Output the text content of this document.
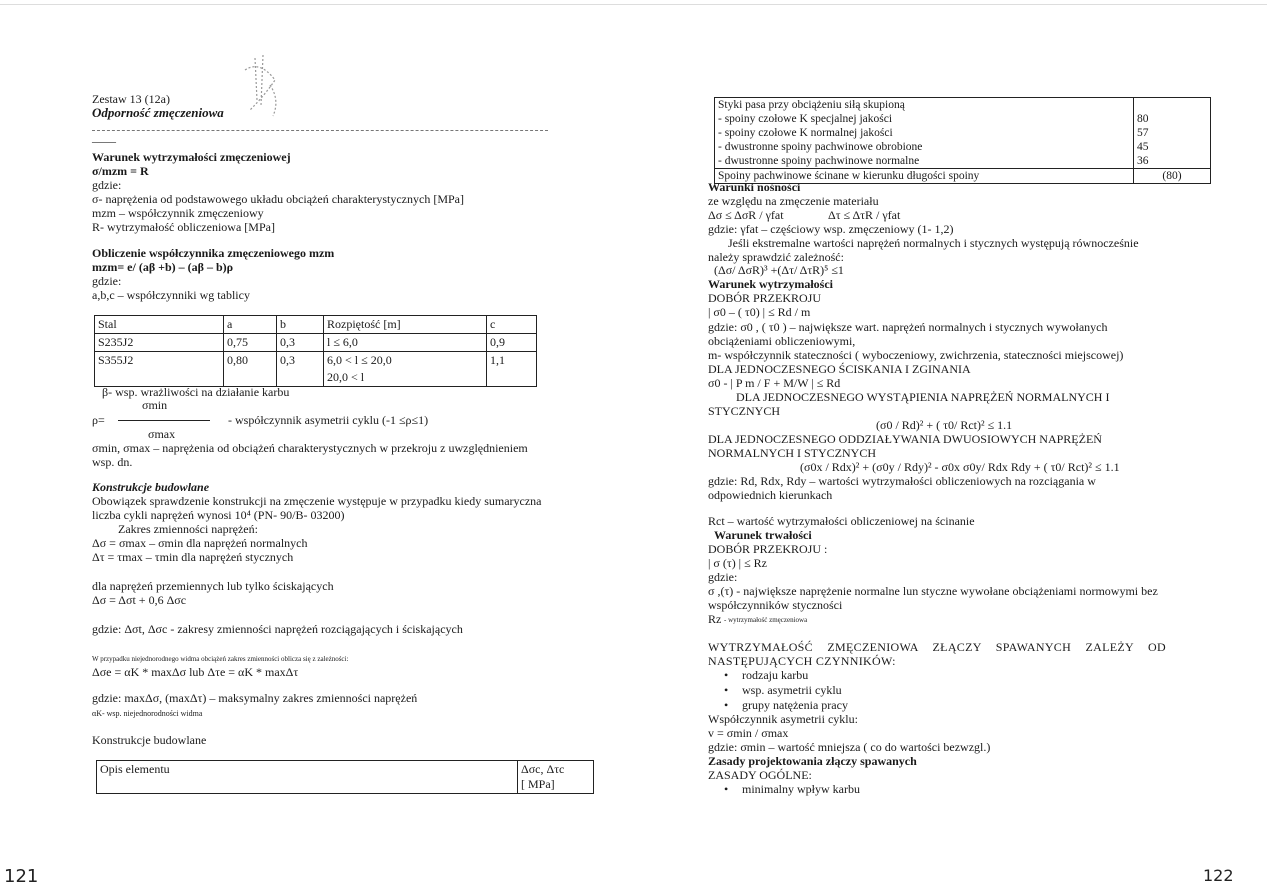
Zestaw 13 (12a)
Odporność zmęczeniowa
——
Warunek wytrzymałości zmęczeniowej
σ/mzm = R
gdzie:
σ- naprężenia od podstawowego układu obciążeń charakterystycznych [MPa]
mzm – współczynnik zmęczeniowy
R- wytrzymałość obliczeniowa [MPa]
Obliczenie współczynnika zmęczeniowego mzm
mzm= e/ (aβ +b) – (aβ – b)ρ
gdzie:
a,b,c – współczynniki wg tablicy
Stal	a	b	Rozpiętość [m]	c
S235J2	0,75	0,3	l ≤ 6,0	0,9
S355J2	0,80	0,3	6,0 < l ≤ 20,0	1,1
			20,0 < l	
β- wsp. wrażliwości na działanie karbu
σmin
ρ=	- współczynnik asymetrii cyklu (-1 ≤ρ≤1)
σmax
σmin, σmax – naprężenia od obciążeń charakterystycznych w przekroju z uwzględnieniem wsp. dn.
Konstrukcje budowlane
Obowiązek sprawdzenie konstrukcji na zmęczenie występuje w przypadku kiedy sumaryczna liczba cykli naprężeń wynosi 10⁴ (PN- 90/B- 03200)
Zakres zmienności naprężeń:
Δσ = σmax – σmin dla naprężeń normalnych
Δτ = τmax – τmin dla naprężeń stycznych
dla naprężeń przemiennych lub tylko ściskających
Δσ = Δσt + 0,6 Δσc
gdzie: Δσt, Δσc - zakresy zmienności naprężeń rozciągających i ściskających
W przypadku niejednorodnego widma obciążeń zakres zmienności oblicza się z zależności:
Δσe = αK * maxΔσ lub Δτe = αK * maxΔτ
gdzie: maxΔσ, (maxΔτ) – maksymalny zakres zmienności naprężeń
αK- wsp. niejednorodności widma
Konstrukcje budowlane
Opis elementu	Δσc, Δτc
[ MPa]
121
Styki pasa przy obciążeniu siłą skupioną	
- spoiny czołowe K specjalnej jakości	80
- spoiny czołowe K normalnej jakości	57
- dwustronne spoiny pachwinowe obrobione	45
- dwustronne spoiny pachwinowe normalne	36
Spoiny pachwinowe ścinane w kierunku długości spoiny	(80)
Warunki nośności
ze względu na zmęczenie materiału
Δσ ≤ ΔσR / γfat	Δτ ≤ ΔτR / γfat
gdzie: γfat – częściowy wsp. zmęczeniowy (1- 1,2)
Jeśli ekstremalne wartości naprężeń normalnych i stycznych występują równocześnie należy sprawdzić zależność:
(Δσ/ ΔσR)³ +(Δτ/ ΔτR)⁵ ≤1
Warunek wytrzymałości
DOBÓR PRZEKROJU
| σ0 – ( τ0) | ≤ Rd / m
gdzie: σ0 , ( τ0 ) – największe wart. naprężeń normalnych i stycznych wywołanych obciążeniami obliczeniowymi,
m- współczynnik stateczności ( wyboczeniowy, zwichrzenia, stateczności miejscowej)
DLA JEDNOCZESNEGO ŚCISKANIA I ZGINANIA
σ0 - | P m / F + M/W | ≤ Rd
DLA JEDNOCZESNEGO WYSTĄPIENIA NAPRĘŻEŃ NORMALNYCH I STYCZNYCH
(σ0 / Rd)² + ( τ0/ Rct)² ≤ 1.1
DLA JEDNOCZESNEGO ODDZIAŁYWANIA DWUOSIOWYCH NAPRĘŻEŃ NORMALNYCH I STYCZNYCH
(σ0x / Rdx)² + (σ0y / Rdy)² - σ0x σ0y/ Rdx Rdy + ( τ0/ Rct)² ≤ 1.1
gdzie: Rd, Rdx, Rdy – wartości wytrzymałości obliczeniowych na rozciągania w odpowiednich kierunkach
Rct – wartość wytrzymałości obliczeniowej na ścinanie
Warunek trwałości
DOBÓR PRZEKROJU :
| σ (τ) | ≤ Rz
gdzie:
σ ,(τ) - największe naprężenie normalne lun styczne wywołane obciążeniami normowymi bez współczynników styczności
Rz - wytrzymałość zmęczeniowa
WYTRZYMAŁOŚĆ ZMĘCZENIOWA ZŁĄCZY SPAWANYCH ZALEŻY OD NASTĘPUJĄCYCH CZYNNIKÓW:
• rodzaju karbu
• wsp. asymetrii cyklu
• grupy natężenia pracy
Współczynnik asymetrii cyklu:
v = σmin / σmax
gdzie: σmin – wartość mniejsza ( co do wartości bezwzgl.)
Zasady projektowania złączy spawanych
ZASADY OGÓLNE:
• minimalny wpływ karbu
122
